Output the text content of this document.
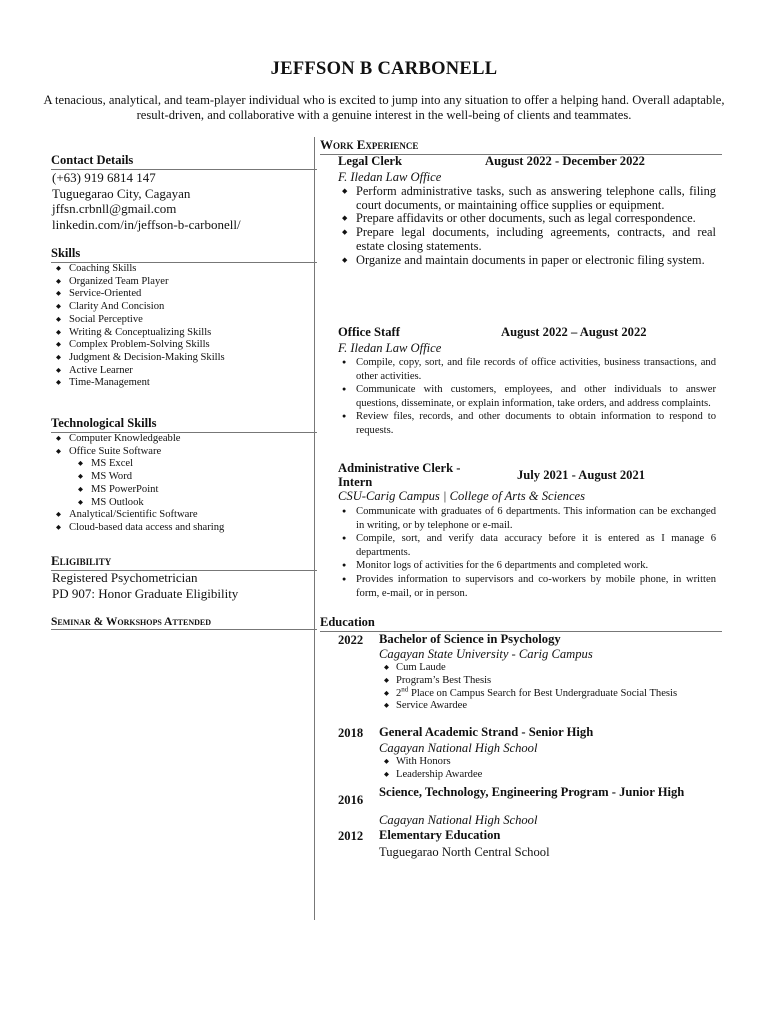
JEFFSON B CARBONELL
A tenacious, analytical, and team-player individual who is excited to jump into any situation to offer a helping hand. Overall adaptable, result-driven, and collaborative with a genuine interest in the well-being of clients and teammates.
Contact Details
(+63) 919 6814 147
Tuguegarao City, Cagayan
jffsn.crbnll@gmail.com
linkedin.com/in/jeffson-b-carbonell/
Skills
◆ Coaching Skills
◆ Organized Team Player
◆ Service-Oriented
◆ Clarity And Concision
◆ Social Perceptive
◆ Writing & Conceptualizing Skills
◆ Complex Problem-Solving Skills
◆ Judgment & Decision-Making Skills
◆ Active Learner
◆ Time-Management
Technological Skills
◆ Computer Knowledgeable
◆ Office Suite Software
◆ MS Excel
◆ MS Word
◆ MS PowerPoint
◆ MS Outlook
◆ Analytical/Scientific Software
◆ Cloud-based data access and sharing
Eligibility
Registered Psychometrician
PD 907: Honor Graduate Eligibility
Seminar & Workshops Attended
Work Experience
Legal Clerk	August 2022 - December 2022
F. Iledan Law Office
◆ Perform administrative tasks, such as answering telephone calls, filing court documents, or maintaining office supplies or equipment.
◆ Prepare affidavits or other documents, such as legal correspondence.
◆ Prepare legal documents, including agreements, contracts, and real estate closing statements.
◆ Organize and maintain documents in paper or electronic filing system.
Office Staff	August 2022 – August 2022
F. Iledan Law Office
● Compile, copy, sort, and file records of office activities, business transactions, and other activities.
● Communicate with customers, employees, and other individuals to answer questions, disseminate, or explain information, take orders, and address complaints.
● Review files, records, and other documents to obtain information to respond to requests.
Administrative Clerk -
Intern	July 2021 - August 2021
CSU-Carig Campus | College of Arts & Sciences
● Communicate with graduates of 6 departments. This information can be exchanged in writing, or by telephone or e-mail.
● Compile, sort, and verify data accuracy before it is entered as I manage 6 departments.
● Monitor logs of activities for the 6 departments and completed work.
● Provides information to supervisors and co-workers by mobile phone, in written form, e-mail, or in person.
Education
2022 Bachelor of Science in Psychology
Cagayan State University - Carig Campus
◆ Cum Laude
◆ Program’s Best Thesis
◆ 2nd Place on Campus Search for Best Undergraduate Social Thesis
◆ Service Awardee
2018 General Academic Strand - Senior High
Cagayan National High School
◆ With Honors
◆ Leadership Awardee
2016
Science, Technology, Engineering Program - Junior High
Cagayan National High School
2012 Elementary Education
Tuguegarao North Central School
